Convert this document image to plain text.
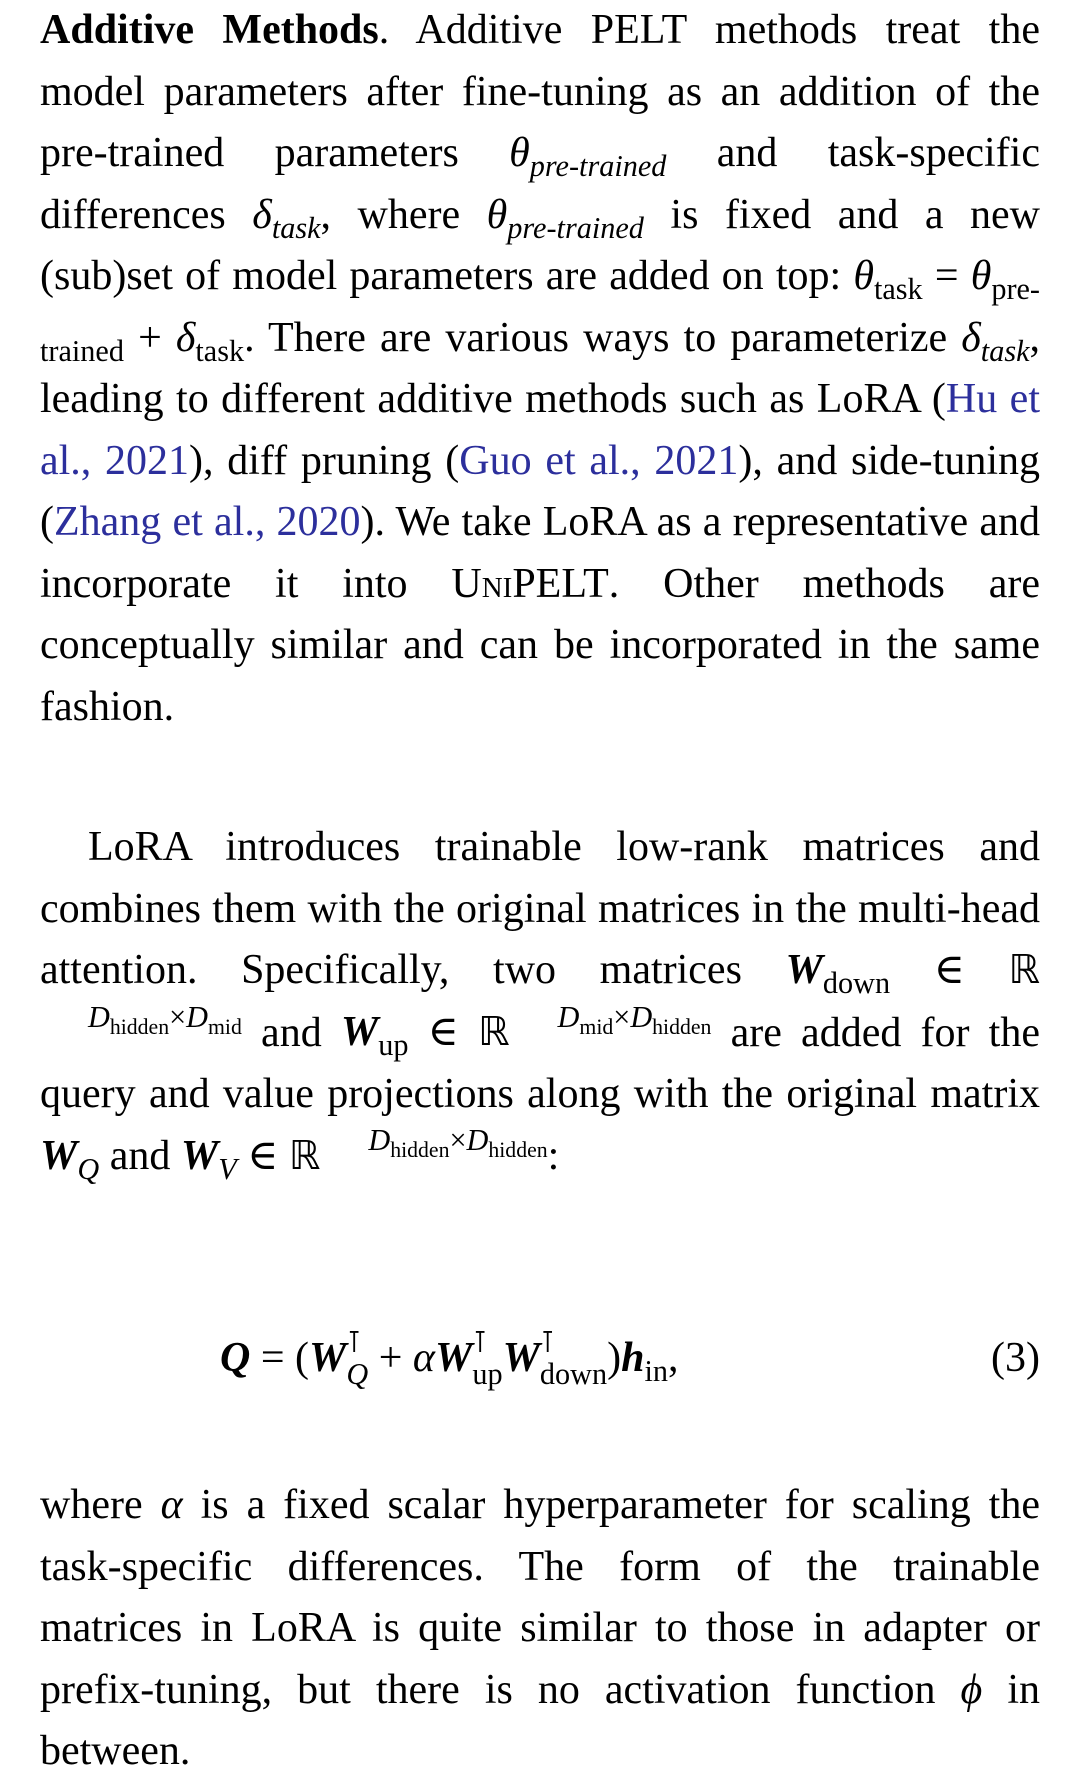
Additive Methods. Additive PELT methods treat the model parameters after fine-tuning as an addition of the pre-trained parameters $\theta_{pre-trained}$ and task-specific differences $\delta_{task}$, where $\theta_{pre-trained}$ is fixed and a new (sub)set of model parameters are added on top: $\theta_{task} = \theta_{pre-trained} + \delta_{task}$. There are various ways to parameterize $\delta_{task}$, leading to different additive methods such as LoRA (Hu et al., 2021), diff pruning (Guo et al., 2021), and side-tuning (Zhang et al., 2020). We take LoRA as a representative and incorporate it into UniPELT. Other methods are conceptually similar and can be incorporated in the same fashion.

LoRA introduces trainable low-rank matrices and combines them with the original matrices in the multi-head attention. Specifically, two matrices $W_{down}$ ∈ ℝ
$D_{hidden}\times D_{mid}$
and $W_{up}$ ∈ ℝ	$D_{mid}\times D_{hidden}$
are added for the query and value projections along with the original matrix $W_Q$ and $W_V$ ∈ ℝ	$D_{hidden}\times D_{hidden}$
:

Q = (W ⊺
Q + αW ⊺
up W ⊺
down )$h_{in}$,	(3)

where α is a fixed scalar hyperparameter for scaling the task-specific differences. The form of the trainable matrices in LoRA is quite similar to those in adapter or prefix-tuning, but there is no activation function ϕ in between.
